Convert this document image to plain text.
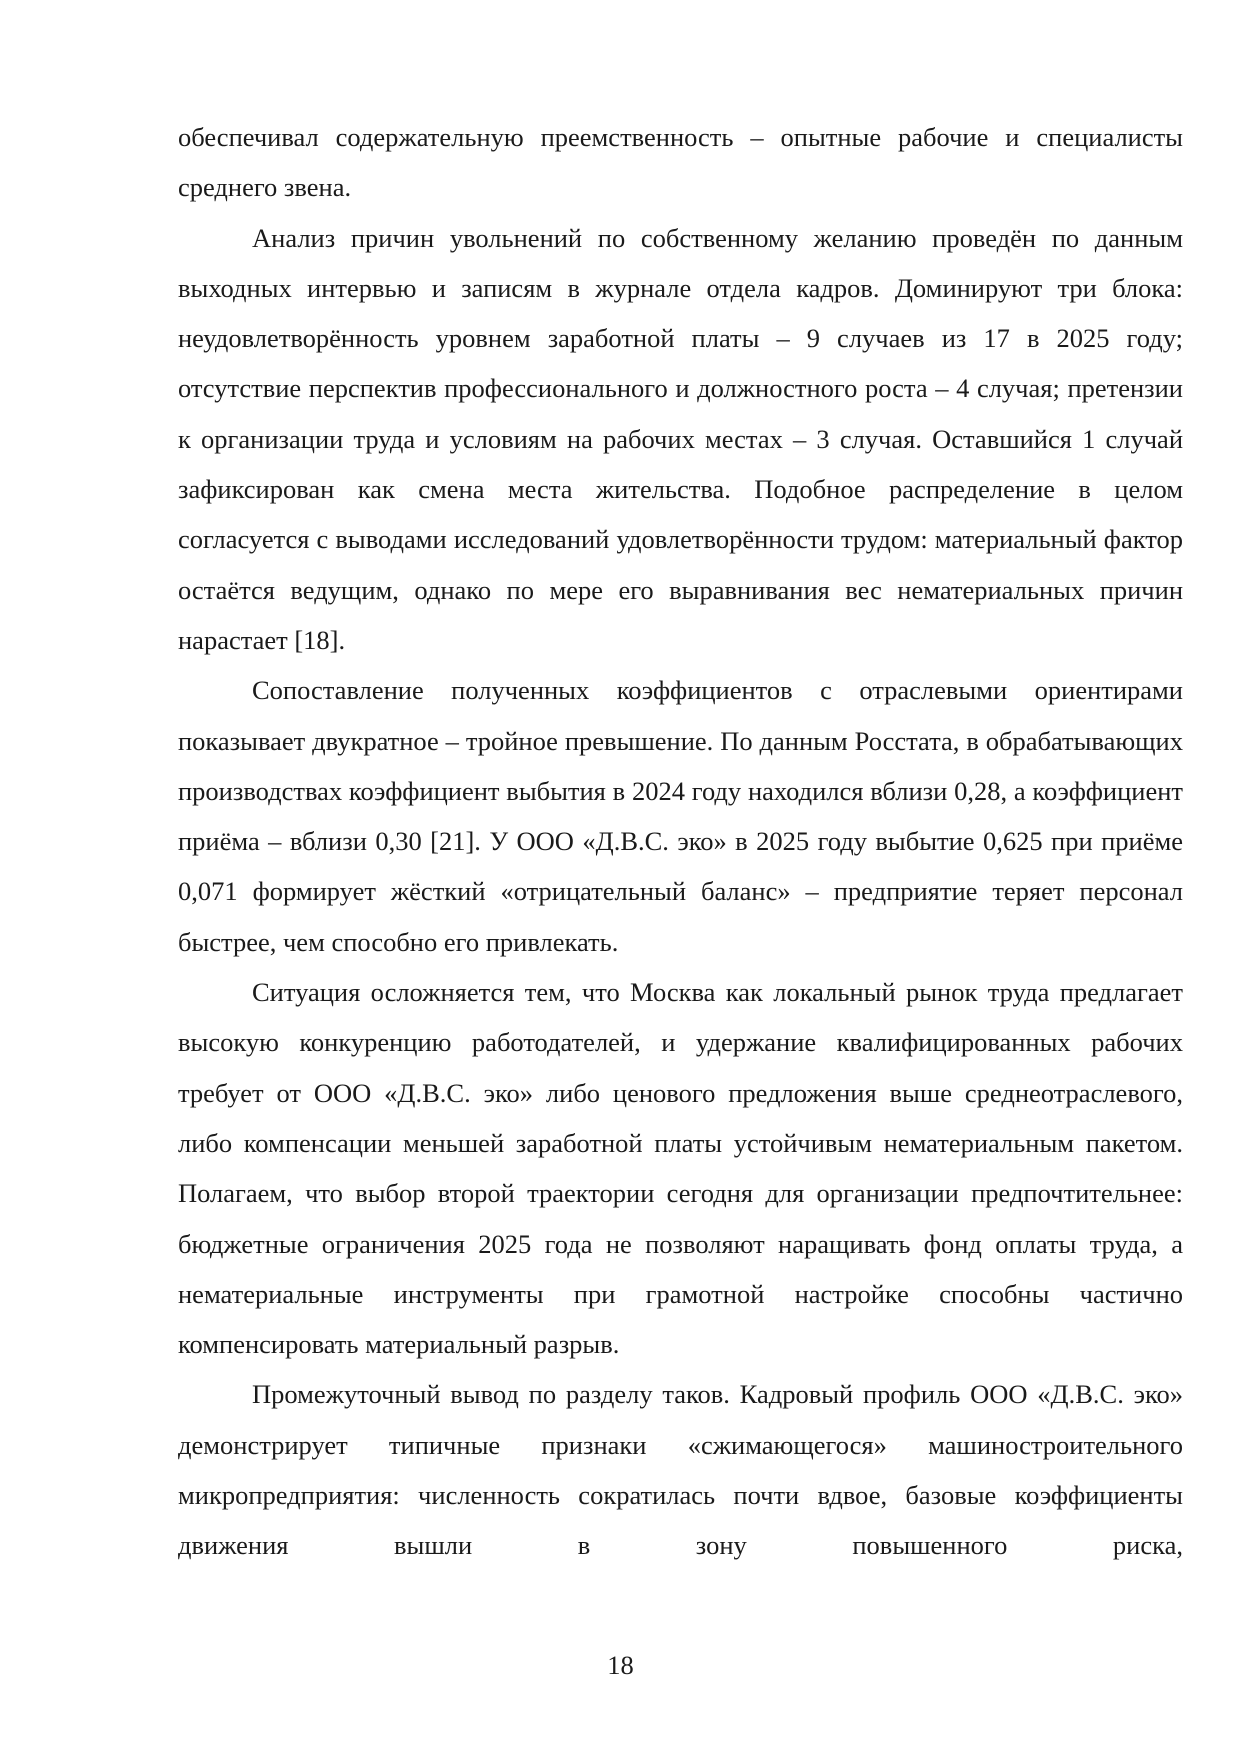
обеспечивал содержательную преемственность – опытные рабочие и специалисты среднего звена.

Анализ причин увольнений по собственному желанию проведён по данным выходных интервью и записям в журнале отдела кадров. Доминируют три блока: неудовлетворённость уровнем заработной платы – 9 случаев из 17 в 2025 году; отсутствие перспектив профессионального и должностного роста – 4 случая; претензии к организации труда и условиям на рабочих местах – 3 случая. Оставшийся 1 случай зафиксирован как смена места жительства. Подобное распределение в целом согласуется с выводами исследований удовлетворённости трудом: материальный фактор остаётся ведущим, однако по мере его выравнивания вес нематериальных причин нарастает [18].

Сопоставление полученных коэффициентов с отраслевыми ориентирами показывает двукратное – тройное превышение. По данным Росстата, в обрабатывающих производствах коэффициент выбытия в 2024 году находился вблизи 0,28, а коэффициент приёма – вблизи 0,30 [21]. У ООО «Д.В.С. эко» в 2025 году выбытие 0,625 при приёме 0,071 формирует жёсткий «отрицательный баланс» – предприятие теряет персонал быстрее, чем способно его привлекать.

Ситуация осложняется тем, что Москва как локальный рынок труда предлагает высокую конкуренцию работодателей, и удержание квалифицированных рабочих требует от ООО «Д.В.С. эко» либо ценового предложения выше среднеотраслевого, либо компенсации меньшей заработной платы устойчивым нематериальным пакетом. Полагаем, что выбор второй траектории сегодня для организации предпочтительнее: бюджетные ограничения 2025 года не позволяют наращивать фонд оплаты труда, а нематериальные инструменты при грамотной настройке способны частично компенсировать материальный разрыв.

Промежуточный вывод по разделу таков. Кадровый профиль ООО «Д.В.С. эко» демонстрирует типичные признаки «сжимающегося» машиностроительного микропредприятия: численность сократилась почти вдвое, базовые коэффициенты движения вышли в зону повышенного риска,

18
